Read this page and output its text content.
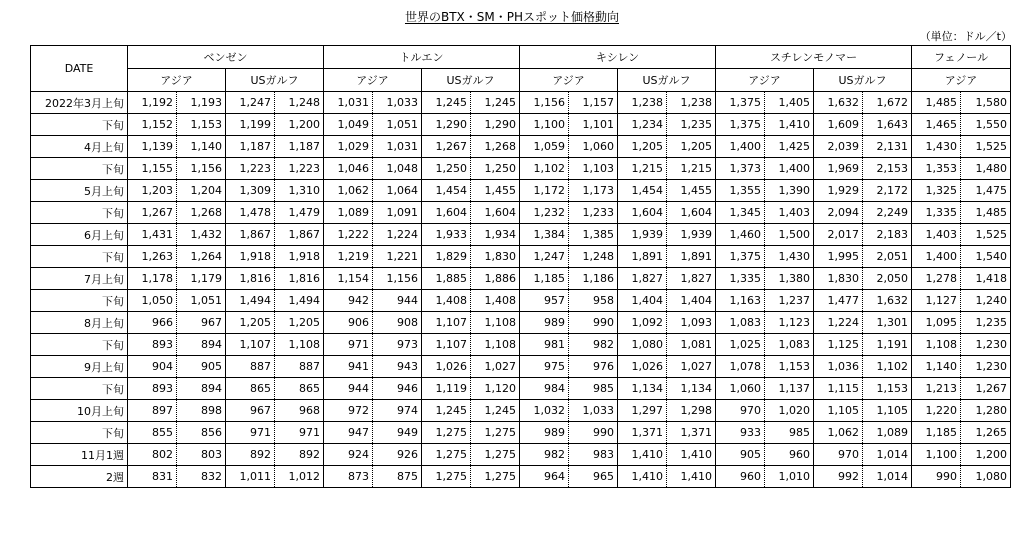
世界のBTX・SM・PHスポット価格動向
（単位：ドル／t）
DATE	ベンゼン				トルエン				キシレン				スチレンモノマー				フェノール	
	アジア		USガルフ		アジア		USガルフ		アジア		USガルフ		アジア		USガルフ		アジア	
2022年3月上旬	1,192	1,193	1,247	1,248	1,031	1,033	1,245	1,245	1,156	1,157	1,238	1,238	1,375	1,405	1,632	1,672	1,485	1,580
下旬	1,152	1,153	1,199	1,200	1,049	1,051	1,290	1,290	1,100	1,101	1,234	1,235	1,375	1,410	1,609	1,643	1,465	1,550
4月上旬	1,139	1,140	1,187	1,187	1,029	1,031	1,267	1,268	1,059	1,060	1,205	1,205	1,400	1,425	2,039	2,131	1,430	1,525
下旬	1,155	1,156	1,223	1,223	1,046	1,048	1,250	1,250	1,102	1,103	1,215	1,215	1,373	1,400	1,969	2,153	1,353	1,480
5月上旬	1,203	1,204	1,309	1,310	1,062	1,064	1,454	1,455	1,172	1,173	1,454	1,455	1,355	1,390	1,929	2,172	1,325	1,475
下旬	1,267	1,268	1,478	1,479	1,089	1,091	1,604	1,604	1,232	1,233	1,604	1,604	1,345	1,403	2,094	2,249	1,335	1,485
6月上旬	1,431	1,432	1,867	1,867	1,222	1,224	1,933	1,934	1,384	1,385	1,939	1,939	1,460	1,500	2,017	2,183	1,403	1,525
下旬	1,263	1,264	1,918	1,918	1,219	1,221	1,829	1,830	1,247	1,248	1,891	1,891	1,375	1,430	1,995	2,051	1,400	1,540
7月上旬	1,178	1,179	1,816	1,816	1,154	1,156	1,885	1,886	1,185	1,186	1,827	1,827	1,335	1,380	1,830	2,050	1,278	1,418
下旬	1,050	1,051	1,494	1,494	942	944	1,408	1,408	957	958	1,404	1,404	1,163	1,237	1,477	1,632	1,127	1,240
8月上旬	966	967	1,205	1,205	906	908	1,107	1,108	989	990	1,092	1,093	1,083	1,123	1,224	1,301	1,095	1,235
下旬	893	894	1,107	1,108	971	973	1,107	1,108	981	982	1,080	1,081	1,025	1,083	1,125	1,191	1,108	1,230
9月上旬	904	905	887	887	941	943	1,026	1,027	975	976	1,026	1,027	1,078	1,153	1,036	1,102	1,140	1,230
下旬	893	894	865	865	944	946	1,119	1,120	984	985	1,134	1,134	1,060	1,137	1,115	1,153	1,213	1,267
10月上旬	897	898	967	968	972	974	1,245	1,245	1,032	1,033	1,297	1,298	970	1,020	1,105	1,105	1,220	1,280
下旬	855	856	971	971	947	949	1,275	1,275	989	990	1,371	1,371	933	985	1,062	1,089	1,185	1,265
11月1週	802	803	892	892	924	926	1,275	1,275	982	983	1,410	1,410	905	960	970	1,014	1,100	1,200
2週	831	832	1,011	1,012	873	875	1,275	1,275	964	965	1,410	1,410	960	1,010	992	1,014	990	1,080
